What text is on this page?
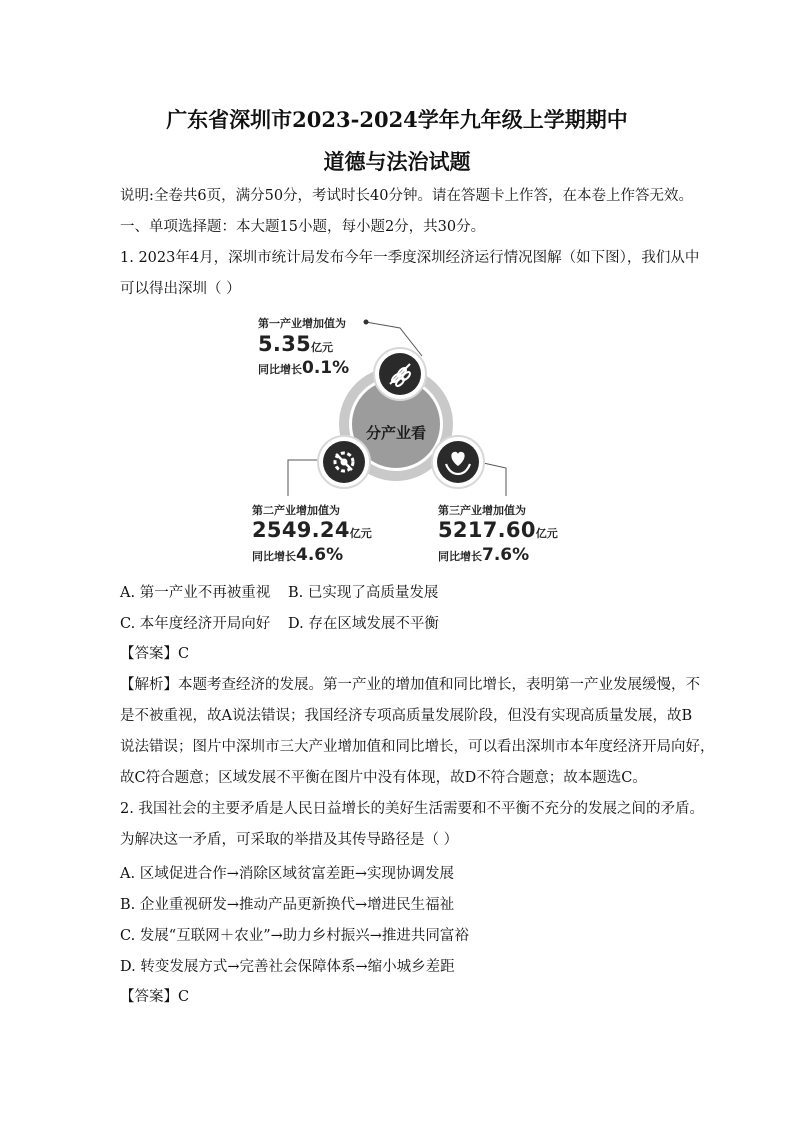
广东省深圳市2023-2024学年九年级上学期期中
道德与法治试题
说明:全卷共6页，满分50分，考试时长40分钟。请在答题卡上作答，在本卷上作答无效。
一、单项选择题：本大题15小题，每小题2分，共30分。
1. 2023年4月，深圳市统计局发布今年一季度深圳经济运行情况图解（如下图），我们从中
可以得出深圳（ ）
分产业看
第一产业增加值为
5.35亿元
同比增长0.1%
第二产业增加值为
2549.24亿元
同比增长4.6%
第三产业增加值为
5217.60亿元
同比增长7.6%
A. 第一产业不再被重视 B. 已实现了高质量发展
C. 本年度经济开局向好 D. 存在区域发展不平衡
【答案】C
【解析】本题考查经济的发展。第一产业的增加值和同比增长，表明第一产业发展缓慢，不
是不被重视，故A说法错误；我国经济专项高质量发展阶段，但没有实现高质量发展，故B
说法错误；图片中深圳市三大产业增加值和同比增长，可以看出深圳市本年度经济开局向好，
故C符合题意；区域发展不平衡在图片中没有体现，故D不符合题意；故本题选C。
2. 我国社会的主要矛盾是人民日益增长的美好生活需要和不平衡不充分的发展之间的矛盾。
为解决这一矛盾，可采取的举措及其传导路径是（ ）
A. 区域促进合作→消除区域贫富差距→实现协调发展
B. 企业重视研发→推动产品更新换代→增进民生福祉
C. 发展“互联网＋农业”→助力乡村振兴→推进共同富裕
D. 转变发展方式→完善社会保障体系→缩小城乡差距
【答案】C
